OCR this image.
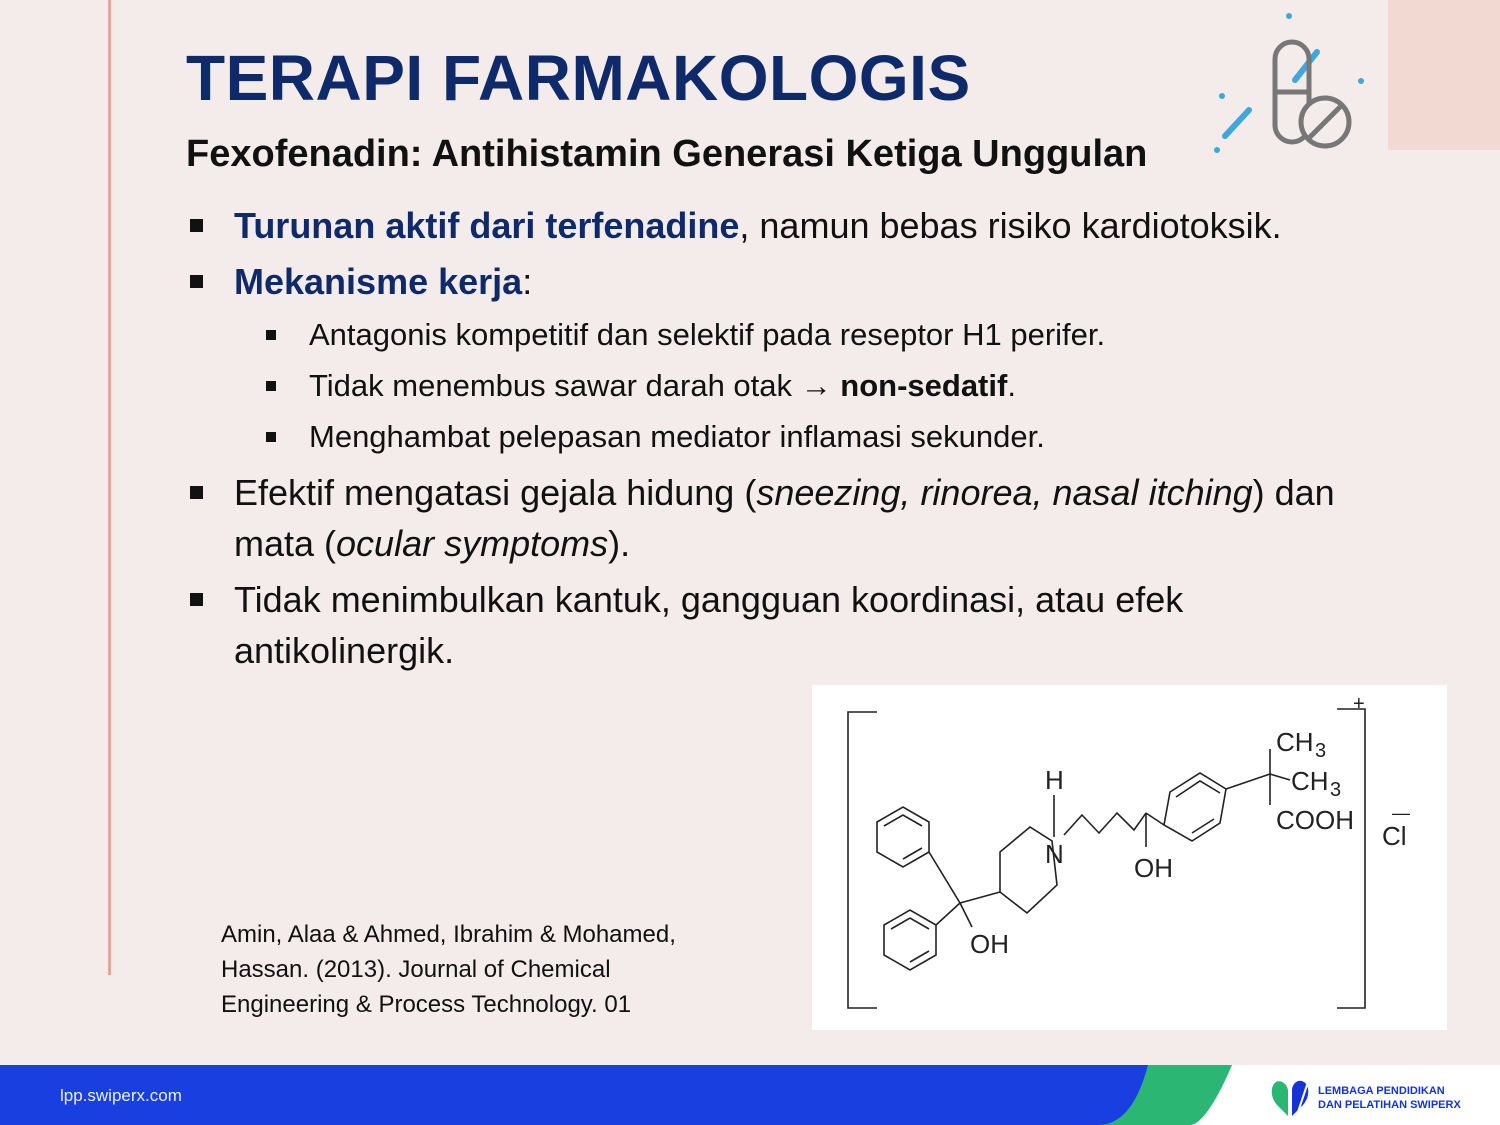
TERAPI FARMAKOLOGIS
Fexofenadin: Antihistamin Generasi Ketiga Unggulan
Turunan aktif dari terfenadine, namun bebas risiko kardiotoksik.
Mekanisme kerja:
Antagonis kompetitif dan selektif pada reseptor H1 perifer.
Tidak menembus sawar darah otak → non-sedatif.
Menghambat pelepasan mediator inflamasi sekunder.
Efektif mengatasi gejala hidung (sneezing, rinorea, nasal itching) dan mata (ocular symptoms).
Tidak menimbulkan kantuk, gangguan koordinasi, atau efek antikolinergik.
Amin, Alaa & Ahmed, Ibrahim & Mohamed,
Hassan. (2013). Journal of Chemical
Engineering & Process Technology. 01
H
N
OH
OH
CH 3
CH 3
COOH
Cl
+
—
lpp.swiperx.com	LEMBAGA PENDIDIKAN
DAN PELATIHAN SWIPERX
